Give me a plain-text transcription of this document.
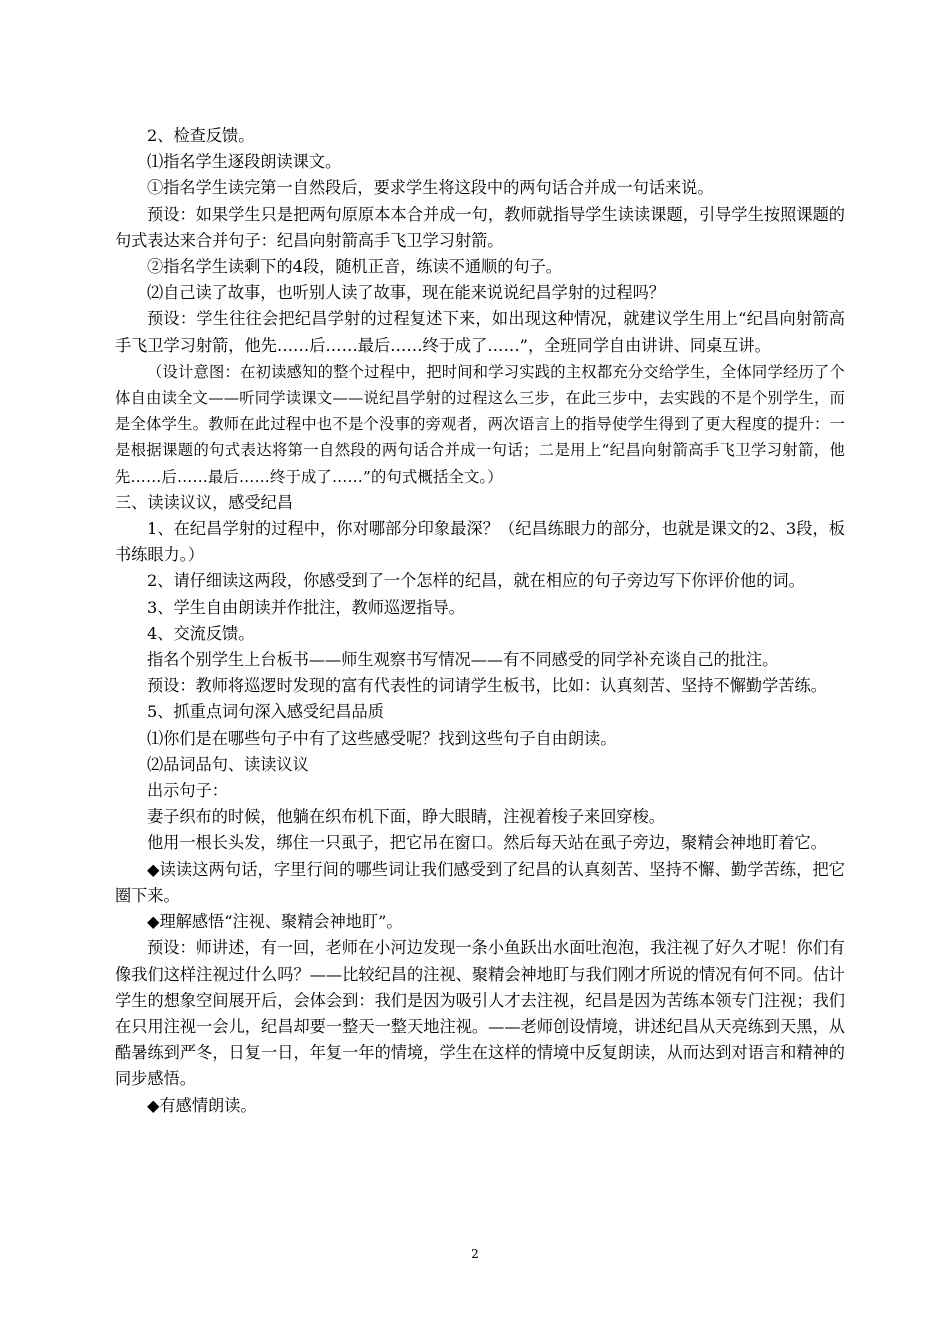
2、检查反馈。

⑴指名学生逐段朗读课文。

①指名学生读完第一自然段后，要求学生将这段中的两句话合并成一句话来说。

预设：如果学生只是把两句原原本本合并成一句，教师就指导学生读读课题，引导学生按照课题的句式表达来合并句子：纪昌向射箭高手飞卫学习射箭。

②指名学生读剩下的4段，随机正音，练读不通顺的句子。

⑵自己读了故事，也听别人读了故事，现在能来说说纪昌学射的过程吗？

预设：学生往往会把纪昌学射的过程复述下来，如出现这种情况，就建议学生用上“纪昌向射箭高手飞卫学习射箭，他先……后……最后……终于成了……”，全班同学自由讲讲、同桌互讲。

（设计意图：在初读感知的整个过程中，把时间和学习实践的主权都充分交给学生，全体同学经历了个体自由读全文——听同学读课文——说纪昌学射的过程这么三步，在此三步中，去实践的不是个别学生，而是全体学生。教师在此过程中也不是个没事的旁观者，两次语言上的指导使学生得到了更大程度的提升：一是根据课题的句式表达将第一自然段的两句话合并成一句话；二是用上“纪昌向射箭高手飞卫学习射箭，他先……后……最后……终于成了……”的句式概括全文。）

三、读读议议，感受纪昌

1、在纪昌学射的过程中，你对哪部分印象最深？（纪昌练眼力的部分，也就是课文的2、3段，板书练眼力。）

2、请仔细读这两段，你感受到了一个怎样的纪昌，就在相应的句子旁边写下你评价他的词。

3、学生自由朗读并作批注，教师巡逻指导。

4、交流反馈。

指名个别学生上台板书——师生观察书写情况——有不同感受的同学补充谈自己的批注。

预设：教师将巡逻时发现的富有代表性的词请学生板书，比如：认真刻苦、坚持不懈勤学苦练。

5、抓重点词句深入感受纪昌品质

⑴你们是在哪些句子中有了这些感受呢？找到这些句子自由朗读。

⑵品词品句、读读议议

出示句子：

妻子织布的时候，他躺在织布机下面，睁大眼睛，注视着梭子来回穿梭。

他用一根长头发，绑住一只虱子，把它吊在窗口。然后每天站在虱子旁边，聚精会神地盯着它。

◆读读这两句话，字里行间的哪些词让我们感受到了纪昌的认真刻苦、坚持不懈、勤学苦练，把它圈下来。

◆理解感悟“注视、聚精会神地盯”。

预设：师讲述，有一回，老师在小河边发现一条小鱼跃出水面吐泡泡，我注视了好久才呢！你们有像我们这样注视过什么吗？——比较纪昌的注视、聚精会神地盯与我们刚才所说的情况有何不同。估计学生的想象空间展开后，会体会到：我们是因为吸引人才去注视，纪昌是因为苦练本领专门注视；我们在只用注视一会儿，纪昌却要一整天一整天地注视。——老师创设情境，讲述纪昌从天亮练到天黑，从酷暑练到严冬，日复一日，年复一年的情境，学生在这样的情境中反复朗读，从而达到对语言和精神的同步感悟。

◆有感情朗读。

2
